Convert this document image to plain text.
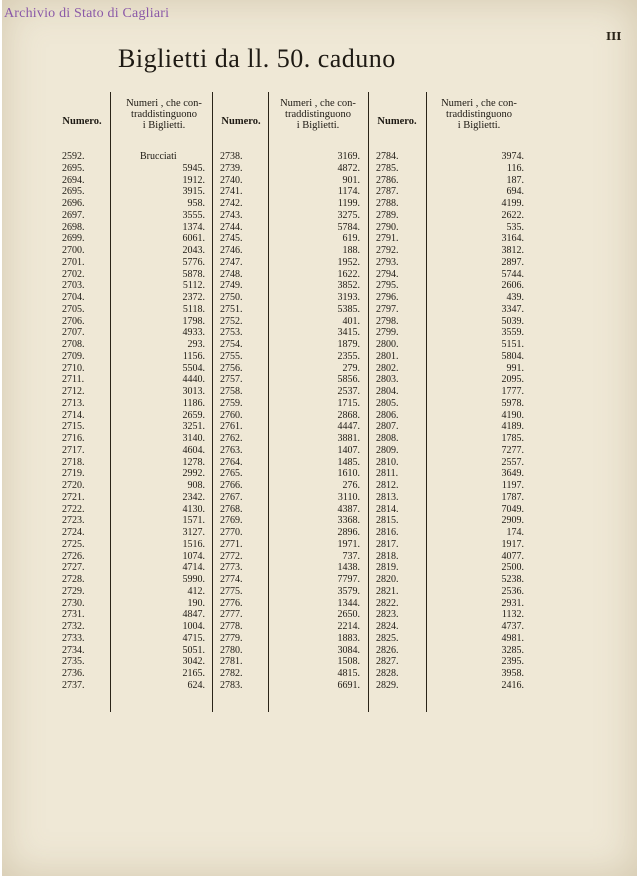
Archivio di Stato di Cagliari
III
Biglietti da ll. 50. caduno
Numero.
Numeri , che con-
traddistinguono
i Biglietti.
2592.	Brucciati
2695.	5945.
2694.	1912.
2695.	3915.
2696.	958.
2697.	3555.
2698.	1374.
2699.	6061.
2700.	2043.
2701.	5776.
2702.	5878.
2703.	5112.
2704.	2372.
2705.	5118.
2706.	1798.
2707.	4933.
2708.	293.
2709.	1156.
2710.	5504.
2711.	4440.
2712.	3013.
2713.	1186.
2714.	2659.
2715.	3251.
2716.	3140.
2717.	4604.
2718.	1278.
2719.	2992.
2720.	908.
2721.	2342.
2722.	4130.
2723.	1571.
2724.	3127.
2725.	1516.
2726.	1074.
2727.	4714.
2728.	5990.
2729.	412.
2730.	190.
2731.	4847.
2732.	1004.
2733.	4715.
2734.	5051.
2735.	3042.
2736.	2165.
2737.	624.
Numero.
Numeri , che con-
traddistinguono
i Biglietti.
2738.	3169.
2739.	4872.
2740.	901.
2741.	1174.
2742.	1199.
2743.	3275.
2744.	5784.
2745.	619.
2746.	188.
2747.	1952.
2748.	1622.
2749.	3852.
2750.	3193.
2751.	5385.
2752.	401.
2753.	3415.
2754.	1879.
2755.	2355.
2756.	279.
2757.	5856.
2758.	2537.
2759.	1715.
2760.	2868.
2761.	4447.
2762.	3881.
2763.	1407.
2764.	1485.
2765.	1610.
2766.	276.
2767.	3110.
2768.	4387.
2769.	3368.
2770.	2896.
2771.	1971.
2772.	737.
2773.	1438.
2774.	7797.
2775.	3579.
2776.	1344.
2777.	2650.
2778.	2214.
2779.	1883.
2780.	3084.
2781.	1508.
2782.	4815.
2783.	6691.
Numero.
Numeri , che con-
traddistinguono
i Biglietti.
2784.	3974.
2785.	116.
2786.	187.
2787.	694.
2788.	4199.
2789.	2622.
2790.	535.
2791.	3164.
2792.	3812.
2793.	2897.
2794.	5744.
2795.	2606.
2796.	439.
2797.	3347.
2798.	5039.
2799.	3559.
2800.	5151.
2801.	5804.
2802.	991.
2803.	2095.
2804.	1777.
2805.	5978.
2806.	4190.
2807.	4189.
2808.	1785.
2809.	7277.
2810.	2557.
2811.	3649.
2812.	1197.
2813.	1787.
2814.	7049.
2815.	2909.
2816.	174.
2817.	1917.
2818.	4077.
2819.	2500.
2820.	5238.
2821.	2536.
2822.	2931.
2823.	1132.
2824.	4737.
2825.	4981.
2826.	3285.
2827.	2395.
2828.	3958.
2829.	2416.
